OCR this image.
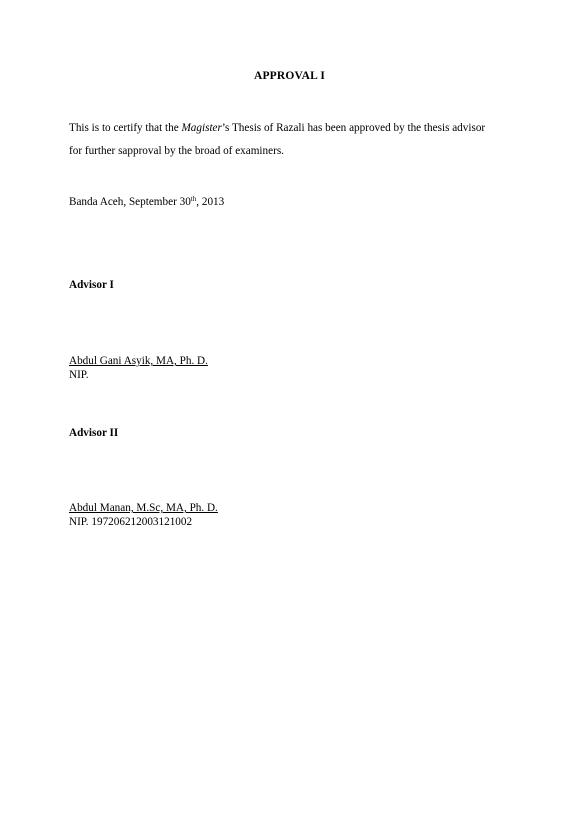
APPROVAL I
This is to certify that the Magister’s Thesis of Razali has been approved by the thesis advisor
for further sapproval by the broad of examiners.
Banda Aceh, September 30th, 2013
Advisor I
Abdul Gani Asyik, MA, Ph. D.
NIP.
Advisor II
Abdul Manan, M.Sc, MA, Ph. D.
NIP. 197206212003121002
